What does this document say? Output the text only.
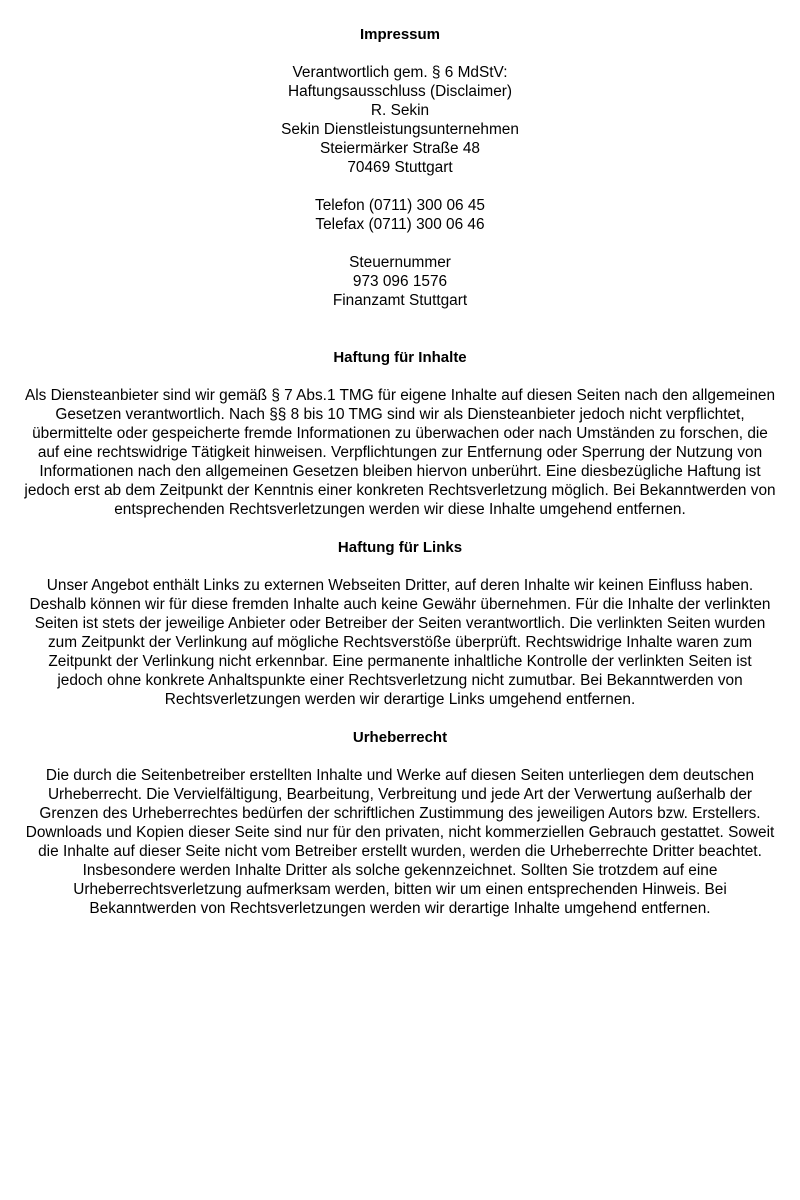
Impressum
Verantwortlich gem. § 6 MdStV:
Haftungsausschluss (Disclaimer)
R. Sekin
Sekin Dienstleistungsunternehmen
Steiermärker Straße 48
70469 Stuttgart
Telefon (0711) 300 06 45
Telefax (0711) 300 06 46
Steuernummer
973 096 1576
Finanzamt Stuttgart
Haftung für Inhalte

Als Diensteanbieter sind wir gemäß § 7 Abs.1 TMG für eigene Inhalte auf diesen Seiten nach den allgemeinen Gesetzen verantwortlich. Nach §§ 8 bis 10 TMG sind wir als Diensteanbieter jedoch nicht verpflichtet, übermittelte oder gespeicherte fremde Informationen zu überwachen oder nach Umständen zu forschen, die auf eine rechtswidrige Tätigkeit hinweisen. Verpflichtungen zur Entfernung oder Sperrung der Nutzung von Informationen nach den allgemeinen Gesetzen bleiben hiervon unberührt. Eine diesbezügliche Haftung ist jedoch erst ab dem Zeitpunkt der Kenntnis einer konkreten Rechtsverletzung möglich. Bei Bekanntwerden von entsprechenden Rechtsverletzungen werden wir diese Inhalte umgehend entfernen.

Haftung für Links

Unser Angebot enthält Links zu externen Webseiten Dritter, auf deren Inhalte wir keinen Einfluss haben. Deshalb können wir für diese fremden Inhalte auch keine Gewähr übernehmen. Für die Inhalte der verlinkten Seiten ist stets der jeweilige Anbieter oder Betreiber der Seiten verantwortlich. Die verlinkten Seiten wurden zum Zeitpunkt der Verlinkung auf mögliche Rechtsverstöße überprüft. Rechtswidrige Inhalte waren zum Zeitpunkt der Verlinkung nicht erkennbar. Eine permanente inhaltliche Kontrolle der verlinkten Seiten ist jedoch ohne konkrete Anhaltspunkte einer Rechtsverletzung nicht zumutbar. Bei Bekanntwerden von Rechtsverletzungen werden wir derartige Links umgehend entfernen.

Urheberrecht

Die durch die Seitenbetreiber erstellten Inhalte und Werke auf diesen Seiten unterliegen dem deutschen Urheberrecht. Die Vervielfältigung, Bearbeitung, Verbreitung und jede Art der Verwertung außerhalb der Grenzen des Urheberrechtes bedürfen der schriftlichen Zustimmung des jeweiligen Autors bzw. Erstellers. Downloads und Kopien dieser Seite sind nur für den privaten, nicht kommerziellen Gebrauch gestattet. Soweit die Inhalte auf dieser Seite nicht vom Betreiber erstellt wurden, werden die Urheberrechte Dritter beachtet. Insbesondere werden Inhalte Dritter als solche gekennzeichnet. Sollten Sie trotzdem auf eine Urheberrechtsverletzung aufmerksam werden, bitten wir um einen entsprechenden Hinweis. Bei Bekanntwerden von Rechtsverletzungen werden wir derartige Inhalte umgehend entfernen.
